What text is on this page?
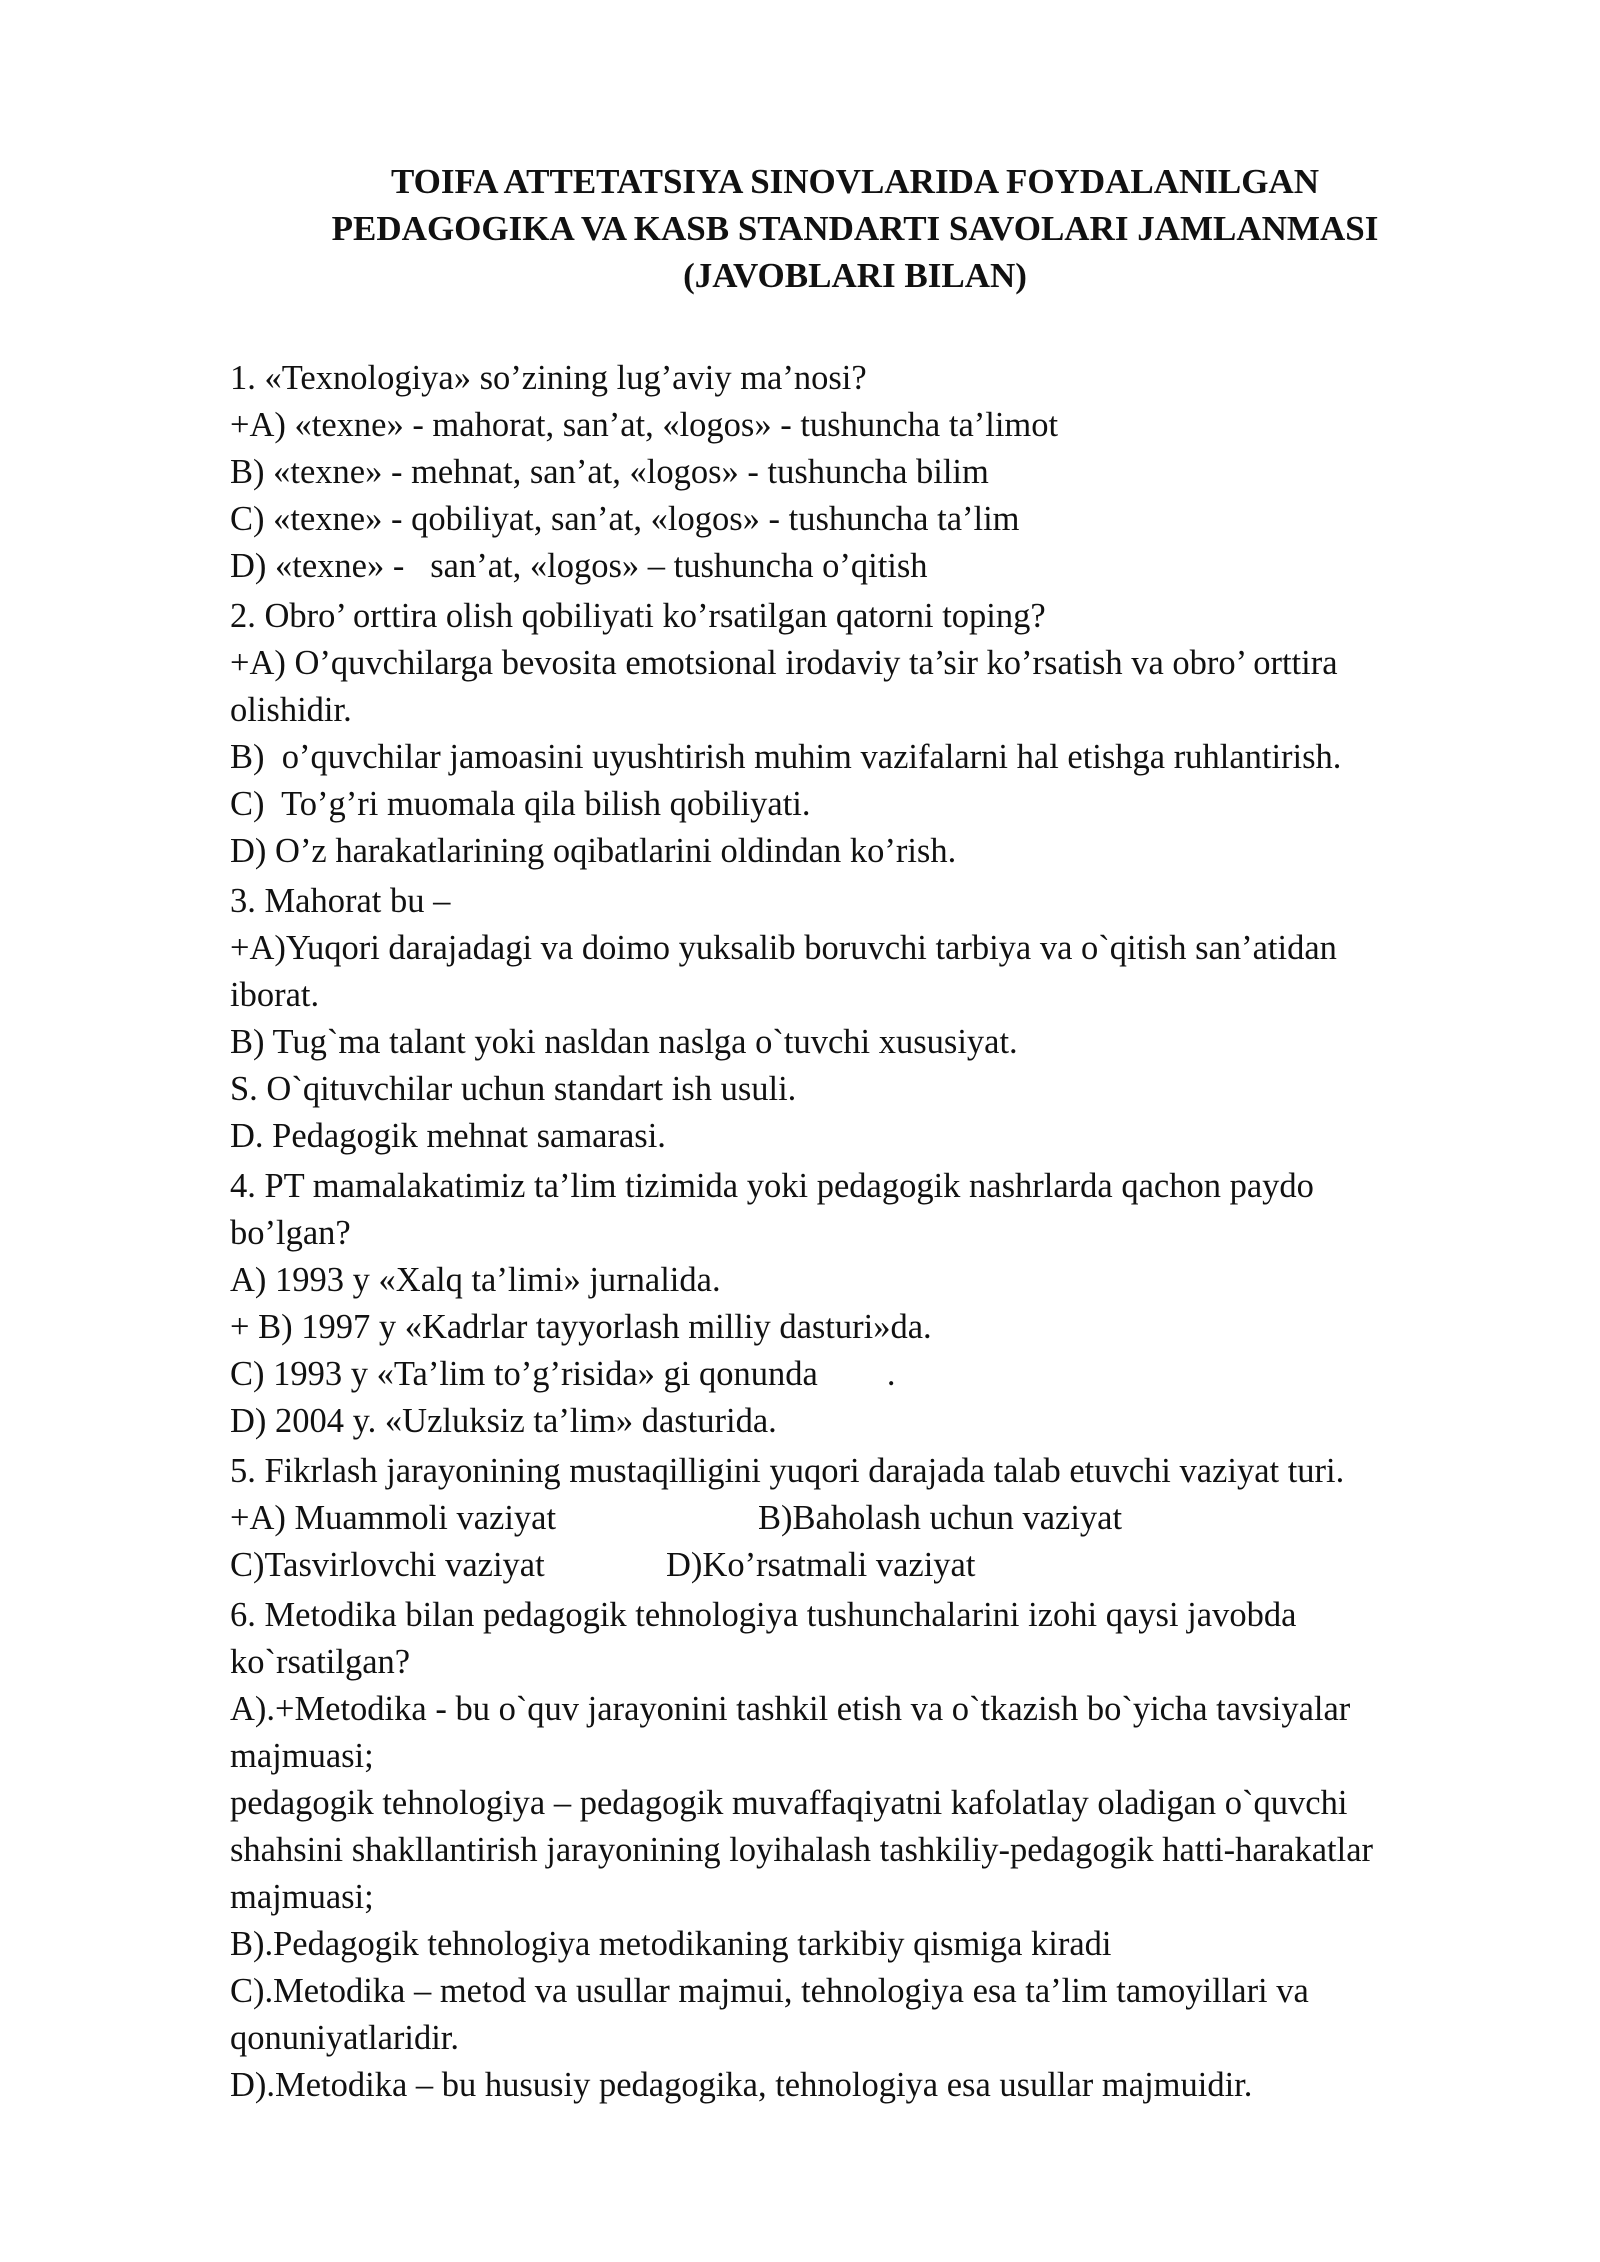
TOIFA ATTETATSIYA SINOVLARIDA FOYDALANILGAN
PEDAGOGIKA VA KASB STANDARTI SAVOLARI JAMLANMASI
(JAVOBLARI BILAN)
1. «Texnologiya» so’zining lug’aviy ma’nosi?
+A) «texne» - mahorat, san’at, «logos» - tushuncha ta’limot
B) «texne» - mehnat, san’at, «logos» - tushuncha bilim
C) «texne» - qobiliyat, san’at, «logos» - tushuncha ta’lim
D) «texne» -   san’at, «logos» – tushuncha o’qitish
2. Obro’ orttira olish qobiliyati ko’rsatilgan qatorni toping?
+A) O’quvchilarga bevosita emotsional irodaviy ta’sir ko’rsatish va obro’ orttira
olishidir.
B)  o’quvchilar jamoasini uyushtirish muhim vazifalarni hal etishga ruhlantirish.
C)  To’g’ri muomala qila bilish qobiliyati.
D) O’z harakatlarining oqibatlarini oldindan ko’rish.
3. Mahorat bu –
+A)Yuqori darajadagi va doimo yuksalib boruvchi tarbiya va o`qitish san’atidan
iborat.
B) Tug`ma talant yoki nasldan naslga o`tuvchi xususiyat.
S. O`qituvchilar uchun standart ish usuli.
D. Pedagogik mehnat samarasi.
4. PT mamalakatimiz ta’lim tizimida yoki pedagogik nashrlarda qachon paydo
bo’lgan?
A) 1993 y «Xalq ta’limi» jurnalida.
+ B) 1997 y «Kadrlar tayyorlash milliy dasturi»da.
C) 1993 y «Ta’lim to’g’risida» gi qonunda        .
D) 2004 y. «Uzluksiz ta’lim» dasturida.
5. Fikrlash jarayonining mustaqilligini yuqori darajada talab etuvchi vaziyat turi.
+A) Muammoli vaziyat	B)Baholash uchun vaziyat
C)Tasvirlovchi vaziyat	D)Ko’rsatmali vaziyat
6. Metodika bilan pedagogik tehnologiya tushunchalarini izohi qaysi javobda
ko`rsatilgan?
A).+Metodika - bu o`quv jarayonini tashkil etish va o`tkazish bo`yicha tavsiyalar
majmuasi;
pedagogik tehnologiya – pedagogik muvaffaqiyatni kafolatlay oladigan o`quvchi
shahsini shakllantirish jarayonining loyihalash tashkiliy-pedagogik hatti-harakatlar
majmuasi;
B).Pedagogik tehnologiya metodikaning tarkibiy qismiga kiradi
C).Metodika – metod va usullar majmui, tehnologiya esa ta’lim tamoyillari va
qonuniyatlaridir.
D).Metodika – bu hususiy pedagogika, tehnologiya esa usullar majmuidir.
